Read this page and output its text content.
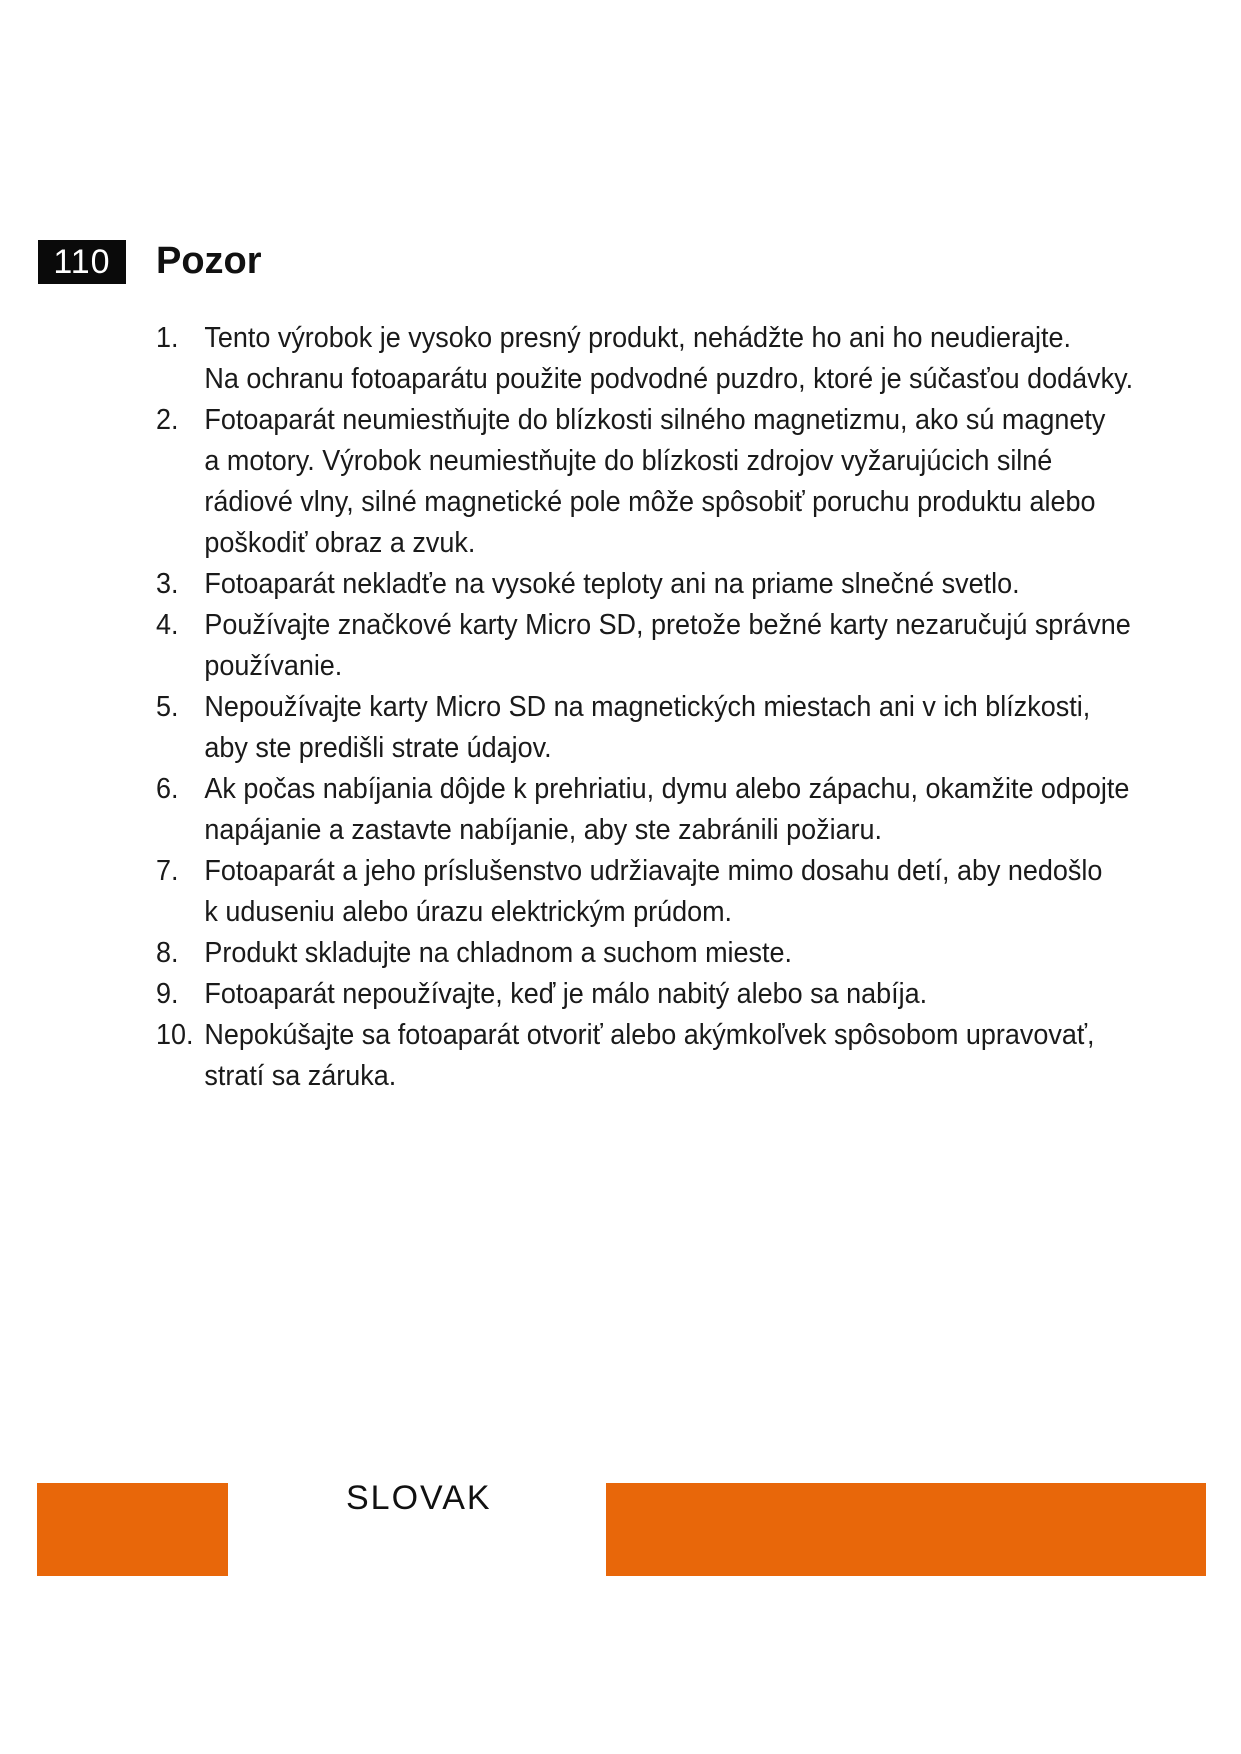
110	Pozor
1. Tento výrobok je vysoko presný produkt, nehádžte ho ani ho neudierajte.
Na ochranu fotoaparátu použite podvodné puzdro, ktoré je súčasťou dodávky.
2. Fotoaparát neumiestňujte do blízkosti silného magnetizmu, ako sú magnety
a motory. Výrobok neumiestňujte do blízkosti zdrojov vyžarujúcich silné
rádiové vlny, silné magnetické pole môže spôsobiť poruchu produktu alebo
poškodiť obraz a zvuk.
3. Fotoaparát nekladťe na vysoké teploty ani na priame slnečné svetlo.
4. Používajte značkové karty Micro SD, pretože bežné karty nezaručujú správne
používanie.
5. Nepoužívajte karty Micro SD na magnetických miestach ani v ich blízkosti,
aby ste predišli strate údajov.
6. Ak počas nabíjania dôjde k prehriatiu, dymu alebo zápachu, okamžite odpojte
napájanie a zastavte nabíjanie, aby ste zabránili požiaru.
7. Fotoaparát a jeho príslušenstvo udržiavajte mimo dosahu detí, aby nedošlo
k uduseniu alebo úrazu elektrickým prúdom.
8. Produkt skladujte na chladnom a suchom mieste.
9. Fotoaparát nepoužívajte, keď je málo nabitý alebo sa nabíja.
10. Nepokúšajte sa fotoaparát otvoriť alebo akýmkoľvek spôsobom upravovať,
stratí sa záruka.
SLOVAK
